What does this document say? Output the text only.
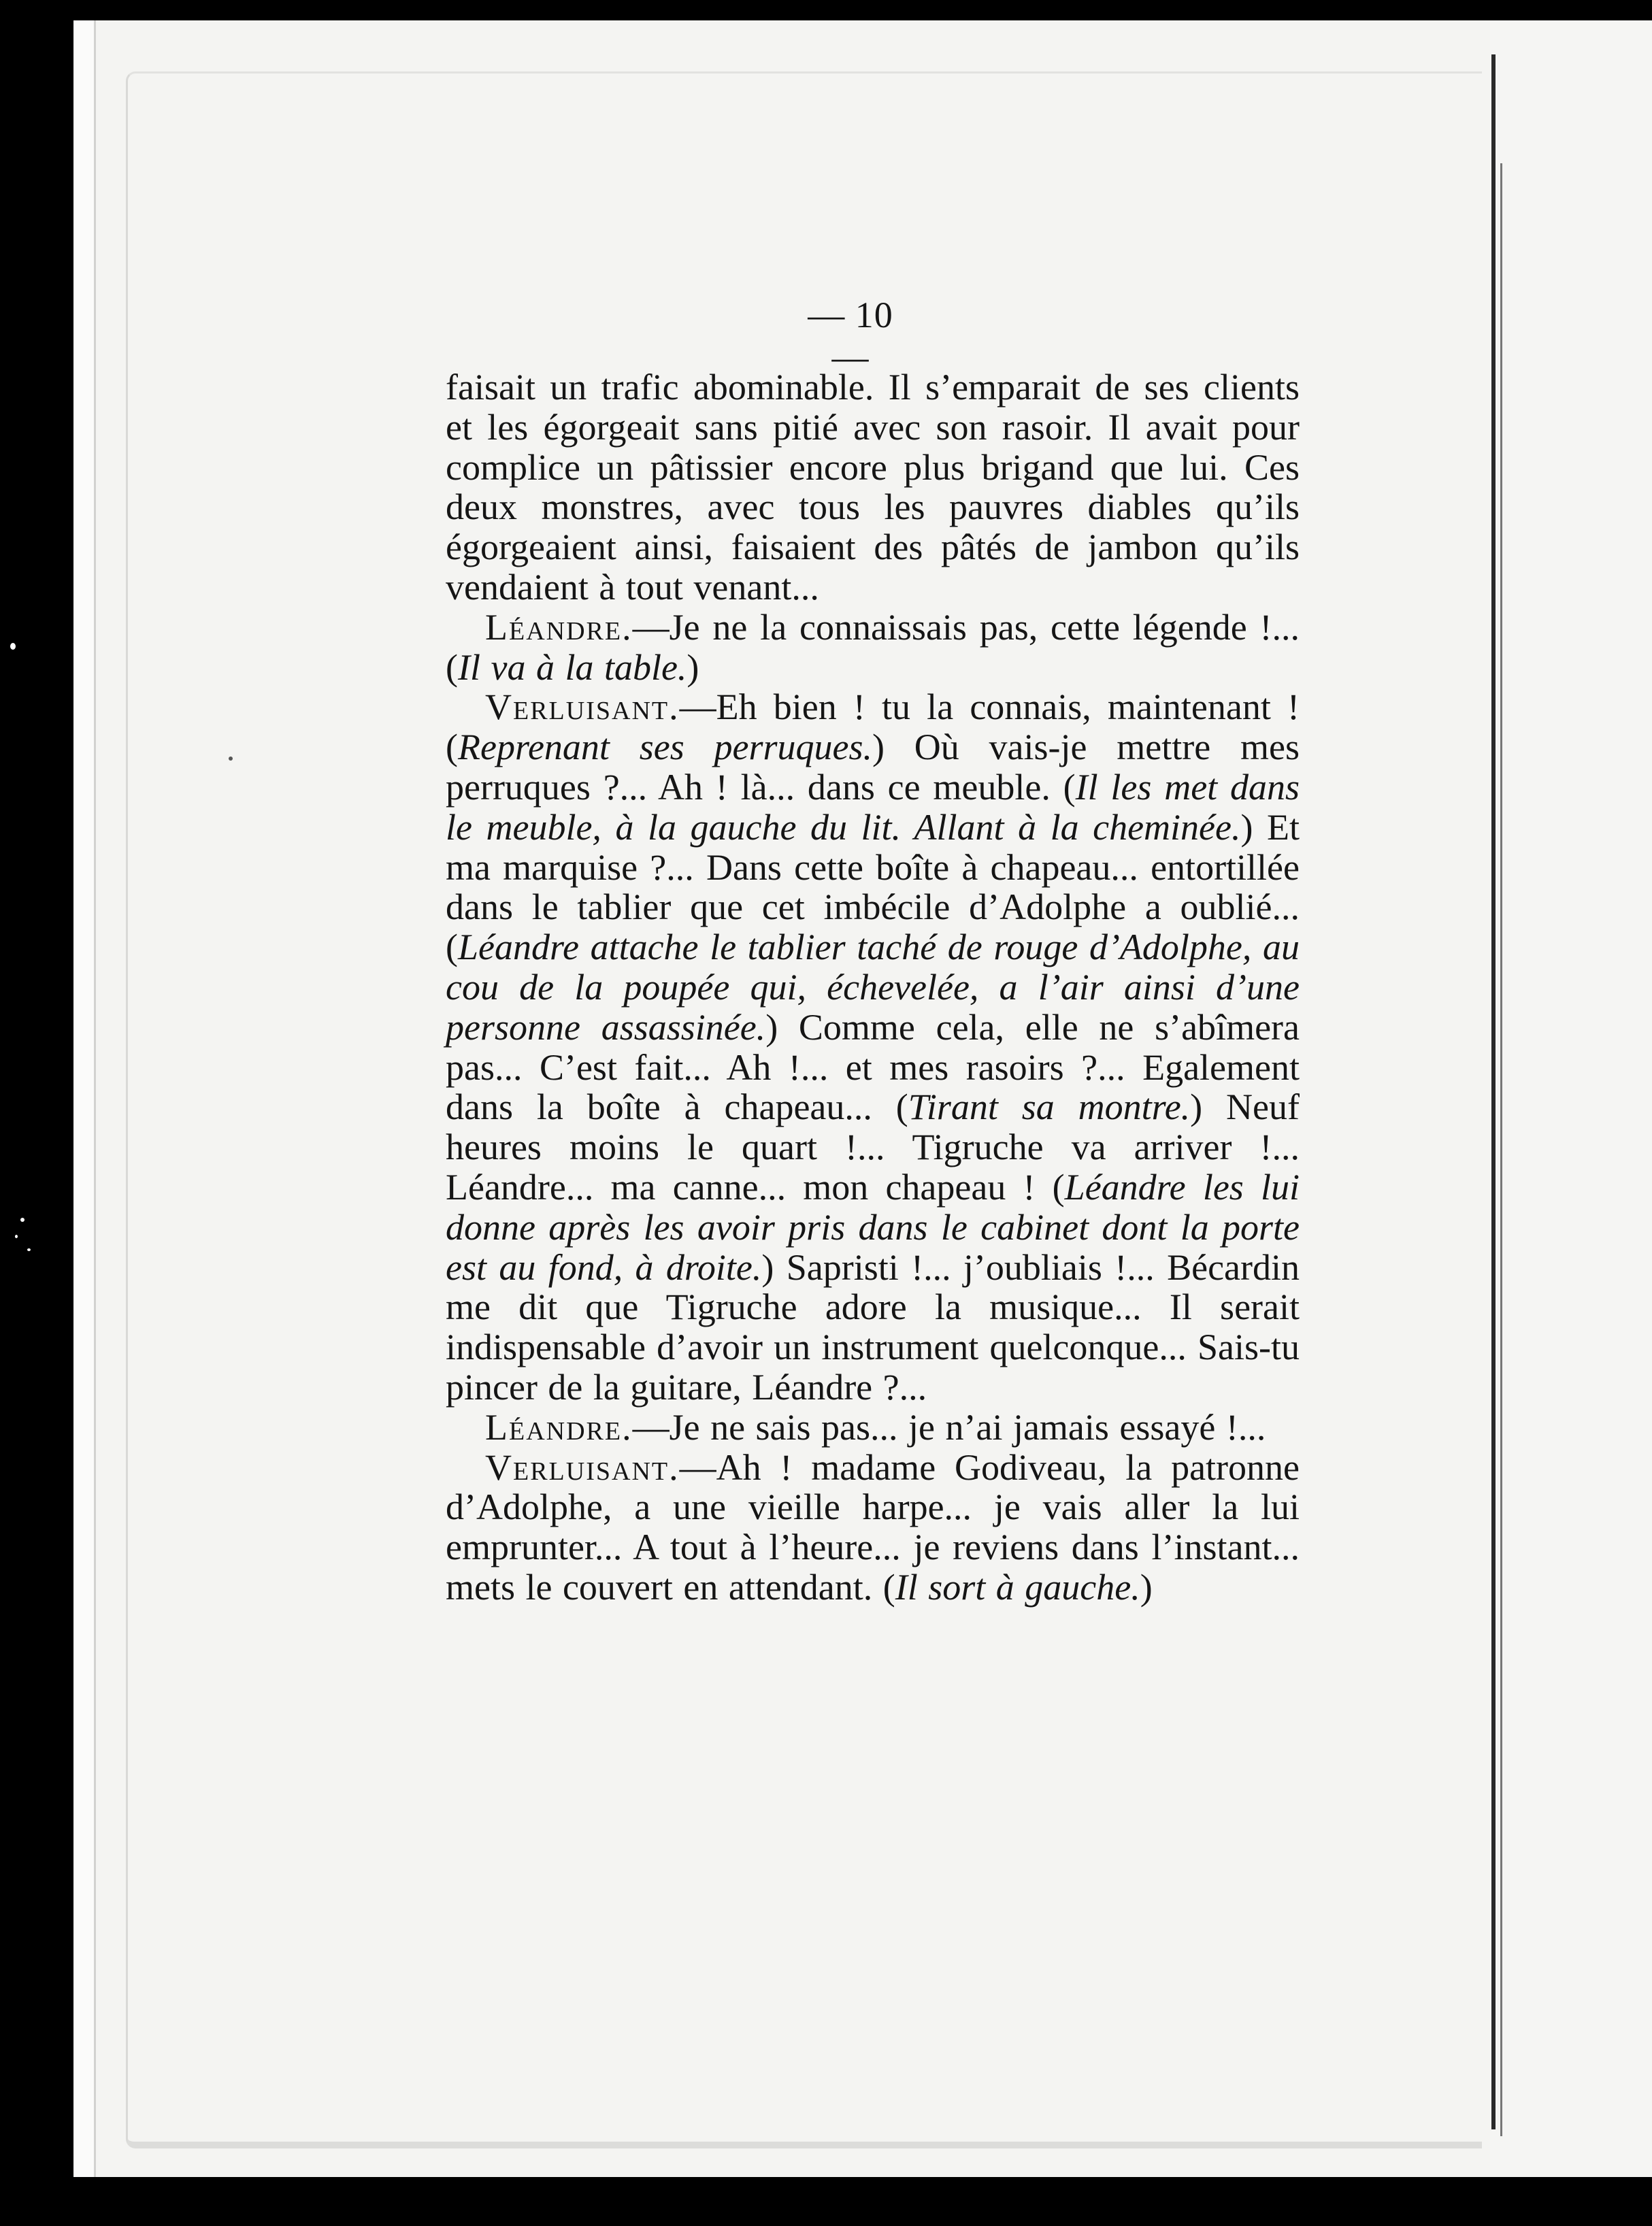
— 10 —

faisait un trafic abominable. Il s’emparait de ses clients et les égorgeait sans pitié avec son rasoir. Il avait pour complice un pâtissier encore plus brigand que lui. Ces deux monstres, avec tous les pauvres diables qu’ils égorgeaient ainsi, faisaient des pâtés de jambon qu’ils vendaient à tout venant...

Léandre.—Je ne la connaissais pas, cette légende !... (Il va à la table.)

Verluisant.—Eh bien ! tu la connais, maintenant ! (Reprenant ses perruques.) Où vais-je mettre mes perruques ?... Ah ! là... dans ce meuble. (Il les met dans le meuble, à la gauche du lit. Allant à la cheminée.) Et ma marquise ?... Dans cette boîte à chapeau... entortillée dans le tablier que cet imbécile d’Adolphe a oublié... (Léandre attache le tablier taché de rouge d’Adolphe, au cou de la poupée qui, échevelée, a l’air ainsi d’une personne assassinée.) Comme cela, elle ne s’abîmera pas... C’est fait... Ah !... et mes rasoirs ?... Egalement dans la boîte à chapeau... (Tirant sa montre.) Neuf heures moins le quart !... Tigruche va arriver !... Léandre... ma canne... mon chapeau ! (Léandre les lui donne après les avoir pris dans le cabinet dont la porte est au fond, à droite.) Sapristi !... j’oubliais !... Bécardin me dit que Tigruche adore la musique... Il serait indispensable d’avoir un instrument quelconque... Sais-tu pincer de la guitare, Léandre ?...

Léandre.—Je ne sais pas... je n’ai jamais essayé !...

Verluisant.—Ah ! madame Godiveau, la patronne d’Adolphe, a une vieille harpe... je vais aller la lui emprunter... A tout à l’heure... je reviens dans l’instant... mets le couvert en attendant. (Il sort à gauche.)
